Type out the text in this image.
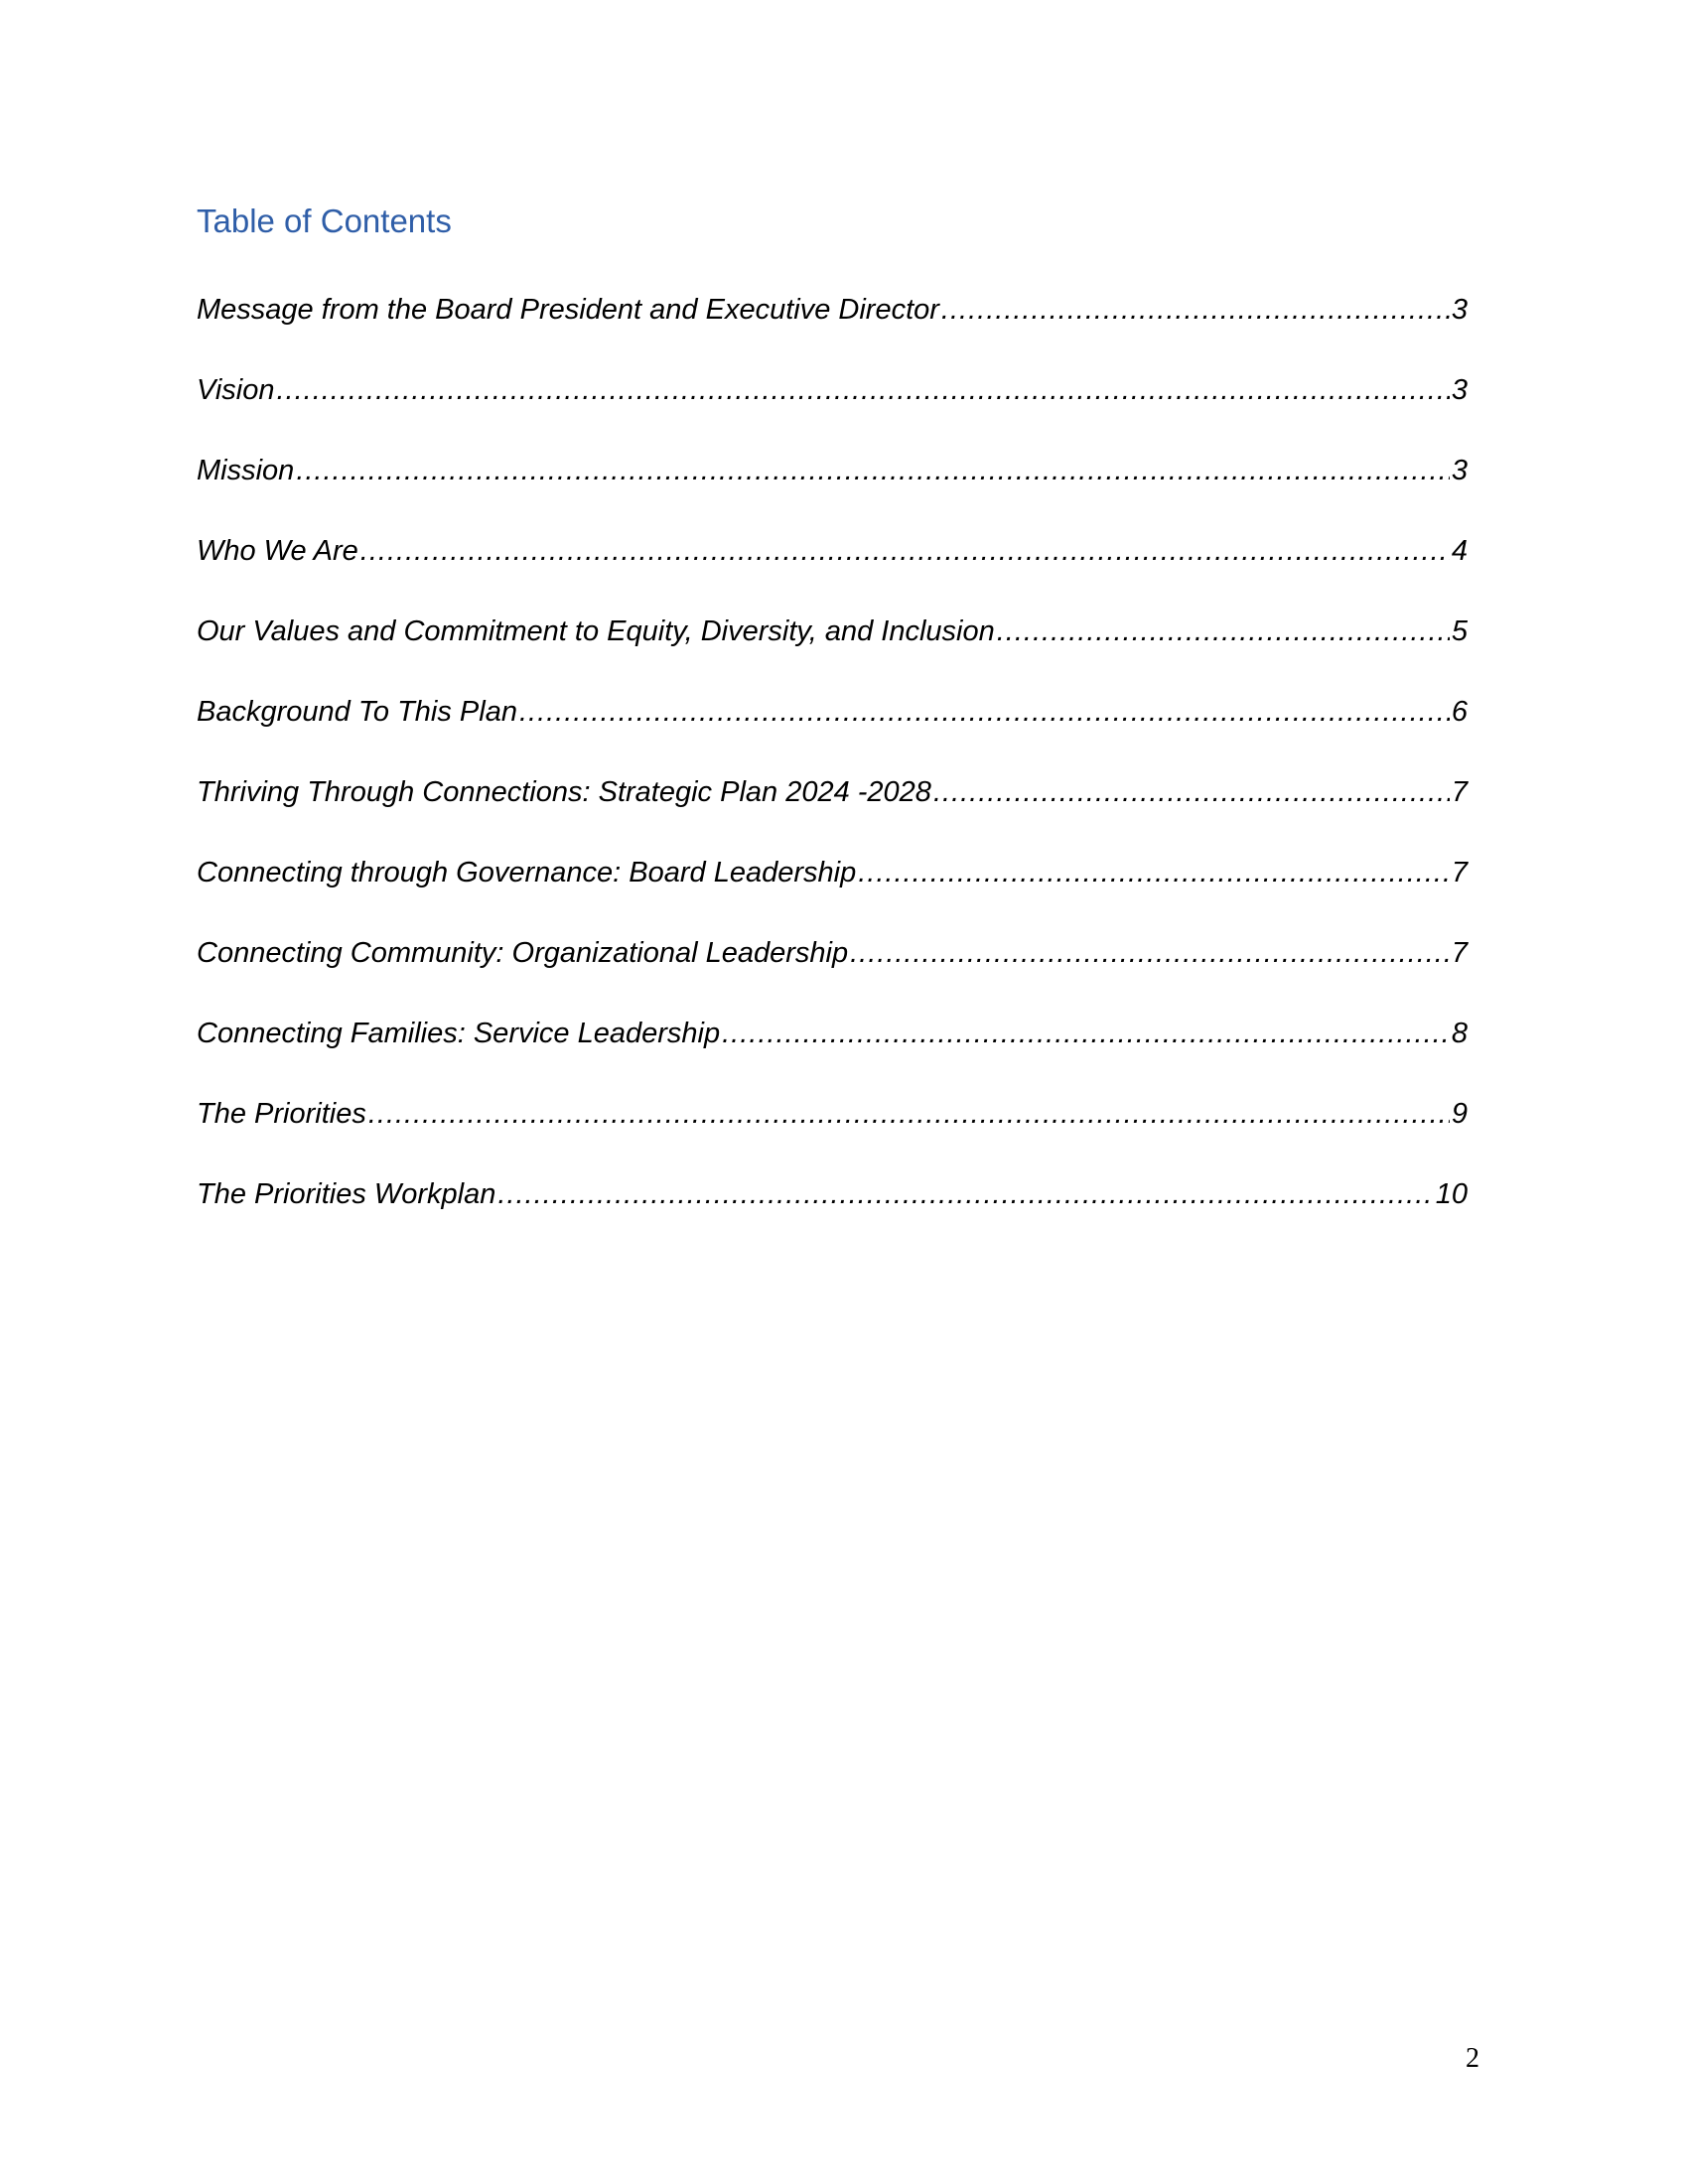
Table of Contents
Message from the Board President and Executive Director .....	3
Vision .....	3
Mission .....	3
Who We Are .....	4
Our Values and Commitment to Equity, Diversity, and Inclusion .....	5
Background To This Plan .....	6
Thriving Through Connections: Strategic Plan 2024 -2028 .....	7
Connecting through Governance: Board Leadership .....	7
Connecting Community: Organizational Leadership .....	7
Connecting Families: Service Leadership .....	8
The Priorities .....	9
The Priorities Workplan .....	10
2
